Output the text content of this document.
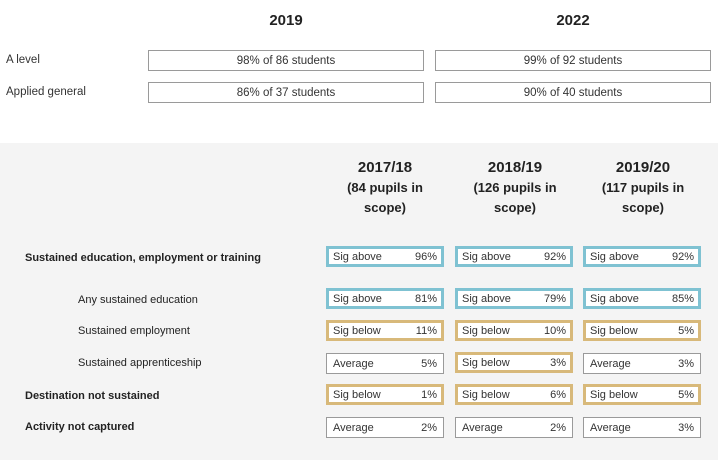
2019	2022
A level	98% of 86 students	99% of 92 students
Applied general	86% of 37 students	90% of 40 students
2017/18
(84 pupils in
scope)
2018/19
(126 pupils in
scope)
2019/20
(117 pupils in
scope)
Sustained education, employment or training	Sig above	96% Sig above	92% Sig above	92%
Any sustained education	Sig above	81% Sig above	79% Sig above	85%
Sustained employment	Sig below	11% Sig below	10% Sig below	5%
Sustained apprenticeship	Average	5% Sig below	3% Average	3%
Destination not sustained	Sig below	1% Sig below	6% Sig below	5%
Activity not captured	Average	2% Average	2% Average	3%
